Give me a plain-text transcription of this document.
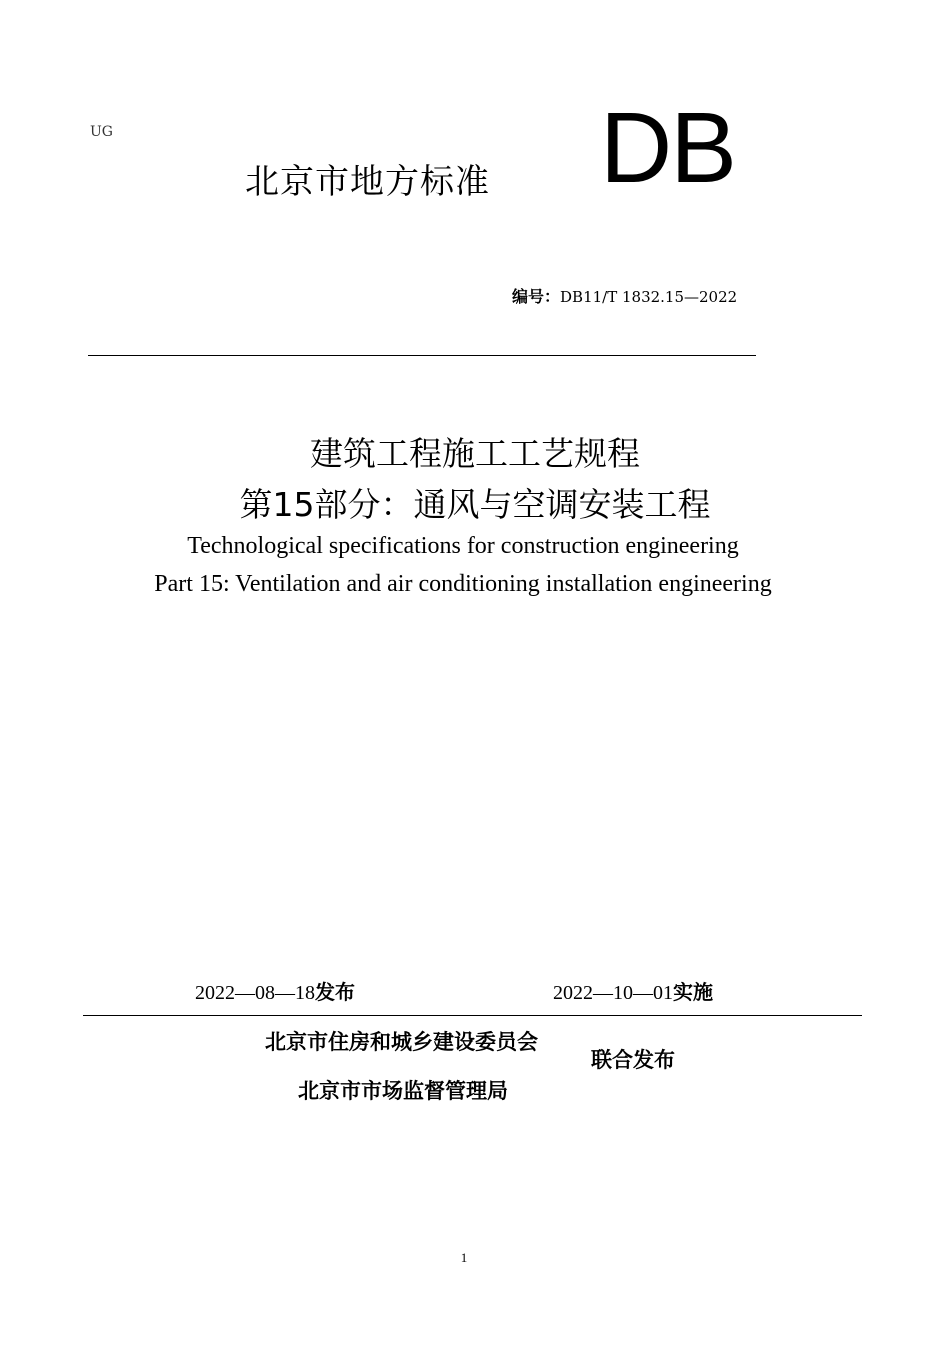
UG
北京市地方标准 DB
编号：DB11/T 1832.15—2022
建筑工程施工工艺规程
第15部分：通风与空调安装工程
Technological specifications for construction engineering
Part 15: Ventilation and air conditioning installation engineering
2022—08—18发布	2022—10—01实施
北京市住房和城乡建设委员会
北京市市场监督管理局
联合发布
1
